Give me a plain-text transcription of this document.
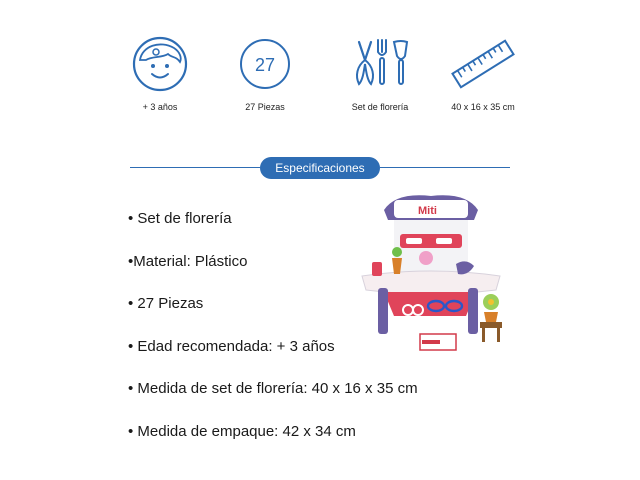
+ 3 años
27
27 Piezas	Set de florería	40 x 16 x 35 cm
Especificaciones
• Set de florería
•Material: Plástico
• 27 Piezas
• Edad recomendada: + 3 años
• Medida de set de florería: 40 x 16 x 35 cm
• Medida de empaque: 42 x 34 cm
Miti
